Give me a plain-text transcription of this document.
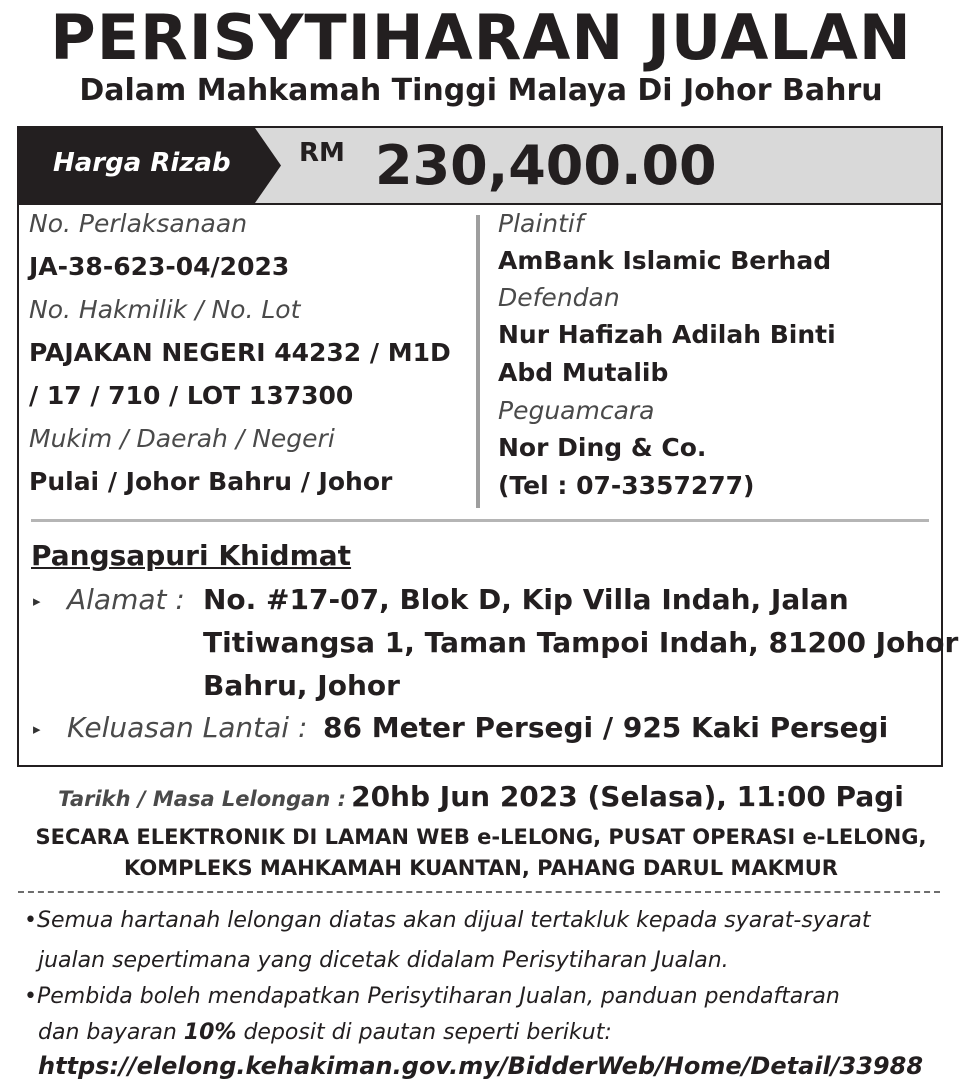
PERISYTIHARAN JUALAN
Dalam Mahkamah Tinggi Malaya Di Johor Bahru
Harga Rizab	RM 230,400.00
No. Perlaksanaan
JA-38-623-04/2023
No. Hakmilik / No. Lot
PAJAKAN NEGERI 44232 / M1D
/ 17 / 710 / LOT 137300
Mukim / Daerah / Negeri
Pulai / Johor Bahru / Johor
Plaintif
AmBank Islamic Berhad
Defendan
Nur Hafizah Adilah Binti
Abd Mutalib
Peguamcara
Nor Ding & Co.
(Tel : 07-3357277)
Pangsapuri Khidmat
▸ Alamat : No. #17-07, Blok D, Kip Villa Indah, Jalan
Titiwangsa 1, Taman Tampoi Indah, 81200 Johor
Bahru, Johor
▸ Keluasan Lantai : 86 Meter Persegi / 925 Kaki Persegi
Tarikh / Masa Lelongan : 20hb Jun 2023 (Selasa), 11:00 Pagi
SECARA ELEKTRONIK DI LAMAN WEB e-LELONG, PUSAT OPERASI e-LELONG,
KOMPLEKS MAHKAMAH KUANTAN, PAHANG DARUL MAKMUR
•Semua hartanah lelongan diatas akan dijual tertakluk kepada syarat-syarat
jualan sepertimana yang dicetak didalam Perisytiharan Jualan.
•Pembida boleh mendapatkan Perisytiharan Jualan, panduan pendaftaran
dan bayaran 10% deposit di pautan seperti berikut:
https://elelong.kehakiman.gov.my/BidderWeb/Home/Detail/33988
